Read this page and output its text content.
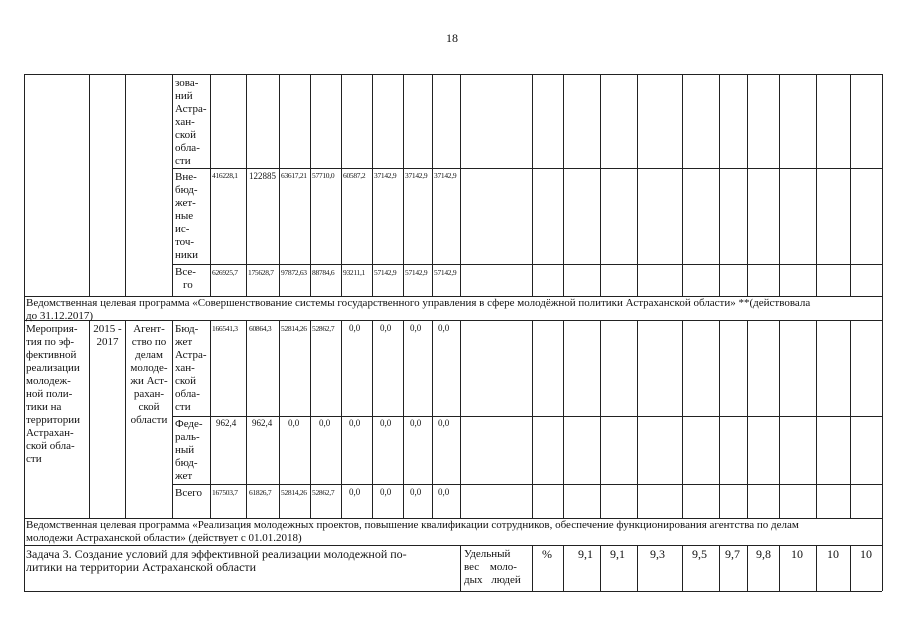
18
зова-
ний
Астра-
хан-
ской
обла-
сти
Вне-
бюд-
жет-
ные
ис-
точ-
ники
416228,1 122885 63617,21 57710,0 60587,2 37142,9 37142,9 37142,9
Все-
го
626925,7 175628,7 97872,63 88784,6 93211,1 57142,9 57142,9 57142,9
Ведомственная целевая программа «Совершенствование системы государственного управления в сфере молодёжной политики Астраханской области» **(действовала
до 31.12.2017)
Мероприя-
тия по эф-
фективной
реализации
молодеж-
ной поли-
тики на
территории
Астрахан-
ской обла-
сти
2015 -
2017
Агент-
ство по
делам
молоде-
жи Аст-
рахан-
ской
области
Бюд-
жет
Астра-
хан-
ской
обла-
сти
166541,3 60864,3 52814,26 52862,7 0,0 0,0 0,0 0,0
Феде-
раль-
ный
бюд-
жет
962,4 962,4 0,0 0,0 0,0 0,0 0,0 0,0
Всего 167503,7 61826,7 52814,26 52862,7 0,0 0,0 0,0 0,0
Ведомственная целевая программа «Реализация молодежных проектов, повышение квалификации сотрудников, обеспечение функционирования агентства по делам
молодежи Астраханской области» (действует с 01.01.2018)
Задача 3. Создание условий для эффективной реализации молодежной по-
литики на территории Астраханской области
Удельный
вес моло-
дых людей
% 9,1 9,1 9,3 9,5 9,7 9,8 10 10 10
